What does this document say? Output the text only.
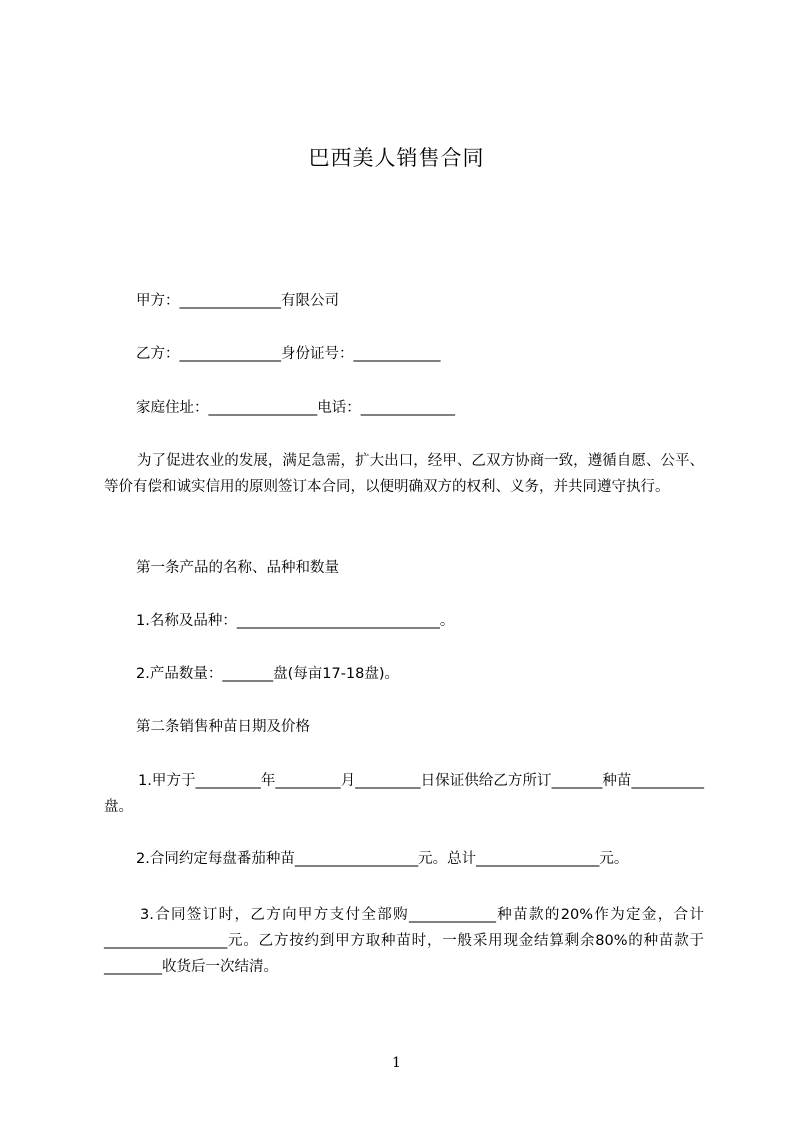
巴西美人销售合同
甲方：______________有限公司
乙方：______________身份证号：____________
家庭住址：_______________电话：_____________
为了促进农业的发展，满足急需，扩大出口，经甲、乙双方协商一致，遵循自愿、公平、等价有偿和诚实信用的原则签订本合同，以便明确双方的权利、义务，并共同遵守执行。
第一条产品的名称、品种和数量
1.名称及品种：____________________________。
2.产品数量：_______盘(每亩17-18盘)。
第二条销售种苗日期及价格
1.甲方于_________年_________月_________日保证供给乙方所订_______种苗__________盘。
2.合同约定每盘番茄种苗_________________元。总计_________________元。
3.合同签订时，乙方向甲方支付全部购____________种苗款的20%作为定金，合计_________________元。乙方按约到甲方取种苗时，一般采用现金结算剩余80%的种苗款于________收货后一次结清。
1
